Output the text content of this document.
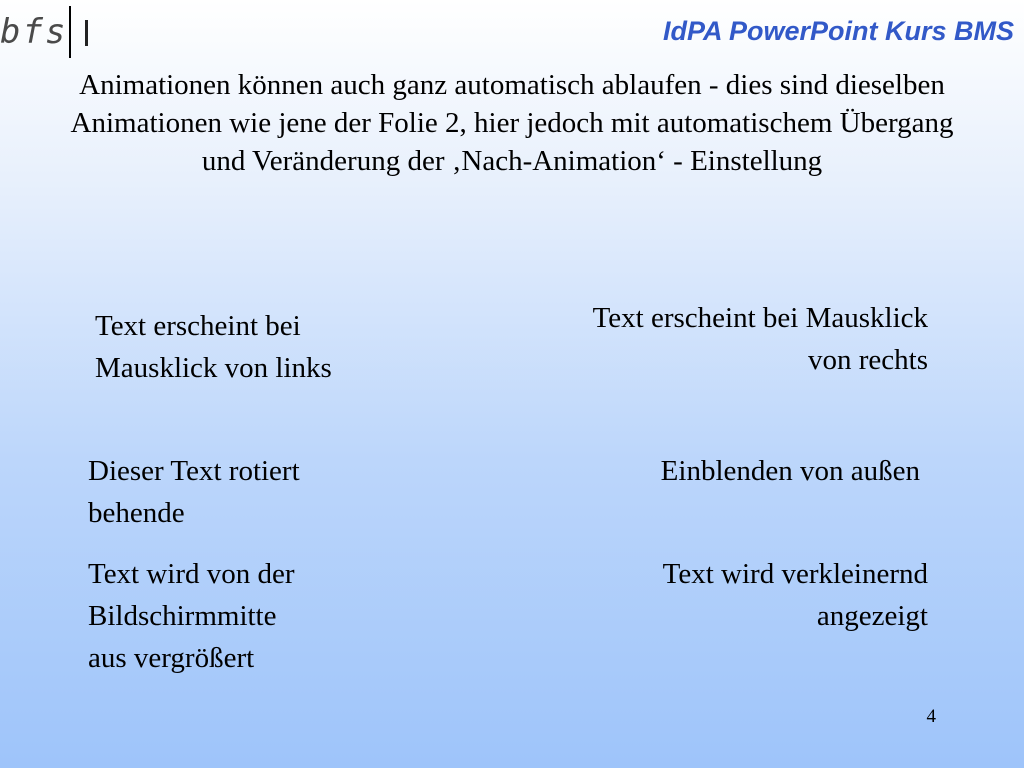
bfs	IdPA PowerPoint Kurs BMS
Animationen können auch ganz automatisch ablaufen - dies sind dieselben Animationen wie jene der Folie 2, hier jedoch mit automatischem Übergang und Veränderung der ‚Nach-Animation‘ - Einstellung
Text erscheint bei
Mausklick von links
Text erscheint bei Mausklick
von rechts
Dieser Text rotiert
behende
Einblenden von außen
Text wird von der
Bildschirmmitte
aus vergrößert
Text wird verkleinernd
angezeigt
4
